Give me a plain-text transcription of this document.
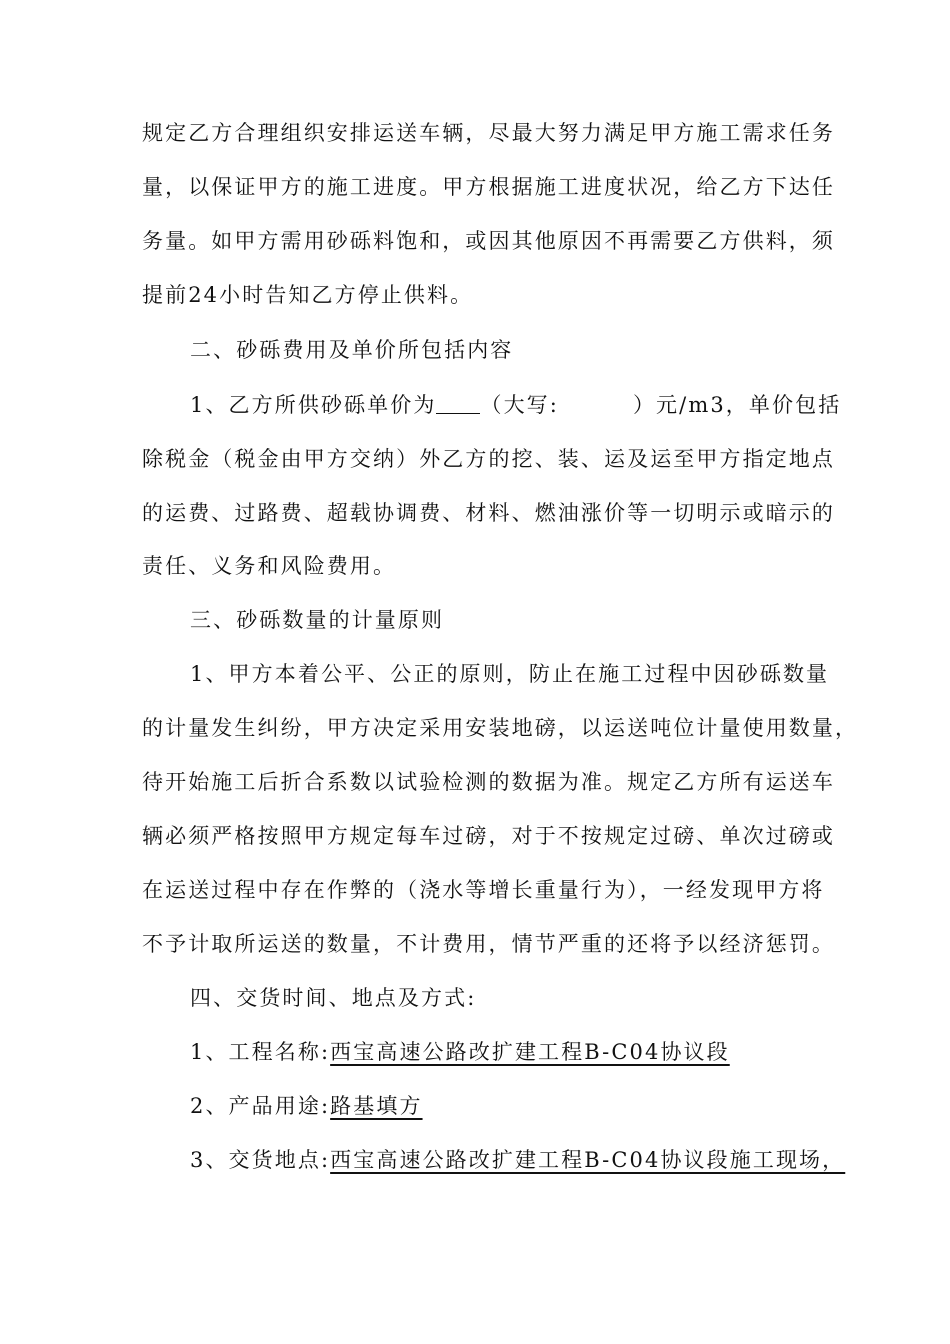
规定乙方合理组织安排运送车辆，尽最大努力满足甲方施工需求任务
量，以保证甲方的施工进度。甲方根据施工进度状况，给乙方下达任
务量。如甲方需用砂砾料饱和，或因其他原因不再需要乙方供料，须
提前24小时告知乙方停止供料。
二、砂砾费用及单价所包括内容
1、乙方所供砂砾单价为 （大写:	）元/m3，单价包括
除税金（税金由甲方交纳）外乙方的挖、装、运及运至甲方指定地点
的运费、过路费、超载协调费、材料、燃油涨价等一切明示或暗示的
责任、义务和风险费用。
三、砂砾数量的计量原则
1、甲方本着公平、公正的原则，防止在施工过程中因砂砾数量
的计量发生纠纷，甲方决定采用安装地磅，以运送吨位计量使用数量，
待开始施工后折合系数以试验检测的数据为准。规定乙方所有运送车
辆必须严格按照甲方规定每车过磅，对于不按规定过磅、单次过磅或
在运送过程中存在作弊的（浇水等增长重量行为），一经发现甲方将
不予计取所运送的数量，不计费用，情节严重的还将予以经济惩罚。
四、交货时间、地点及方式:
1、工程名称:西宝高速公路改扩建工程B-C04协议段
2、产品用途:路基填方
3、交货地点:西宝高速公路改扩建工程B-C04协议段施工现场，
